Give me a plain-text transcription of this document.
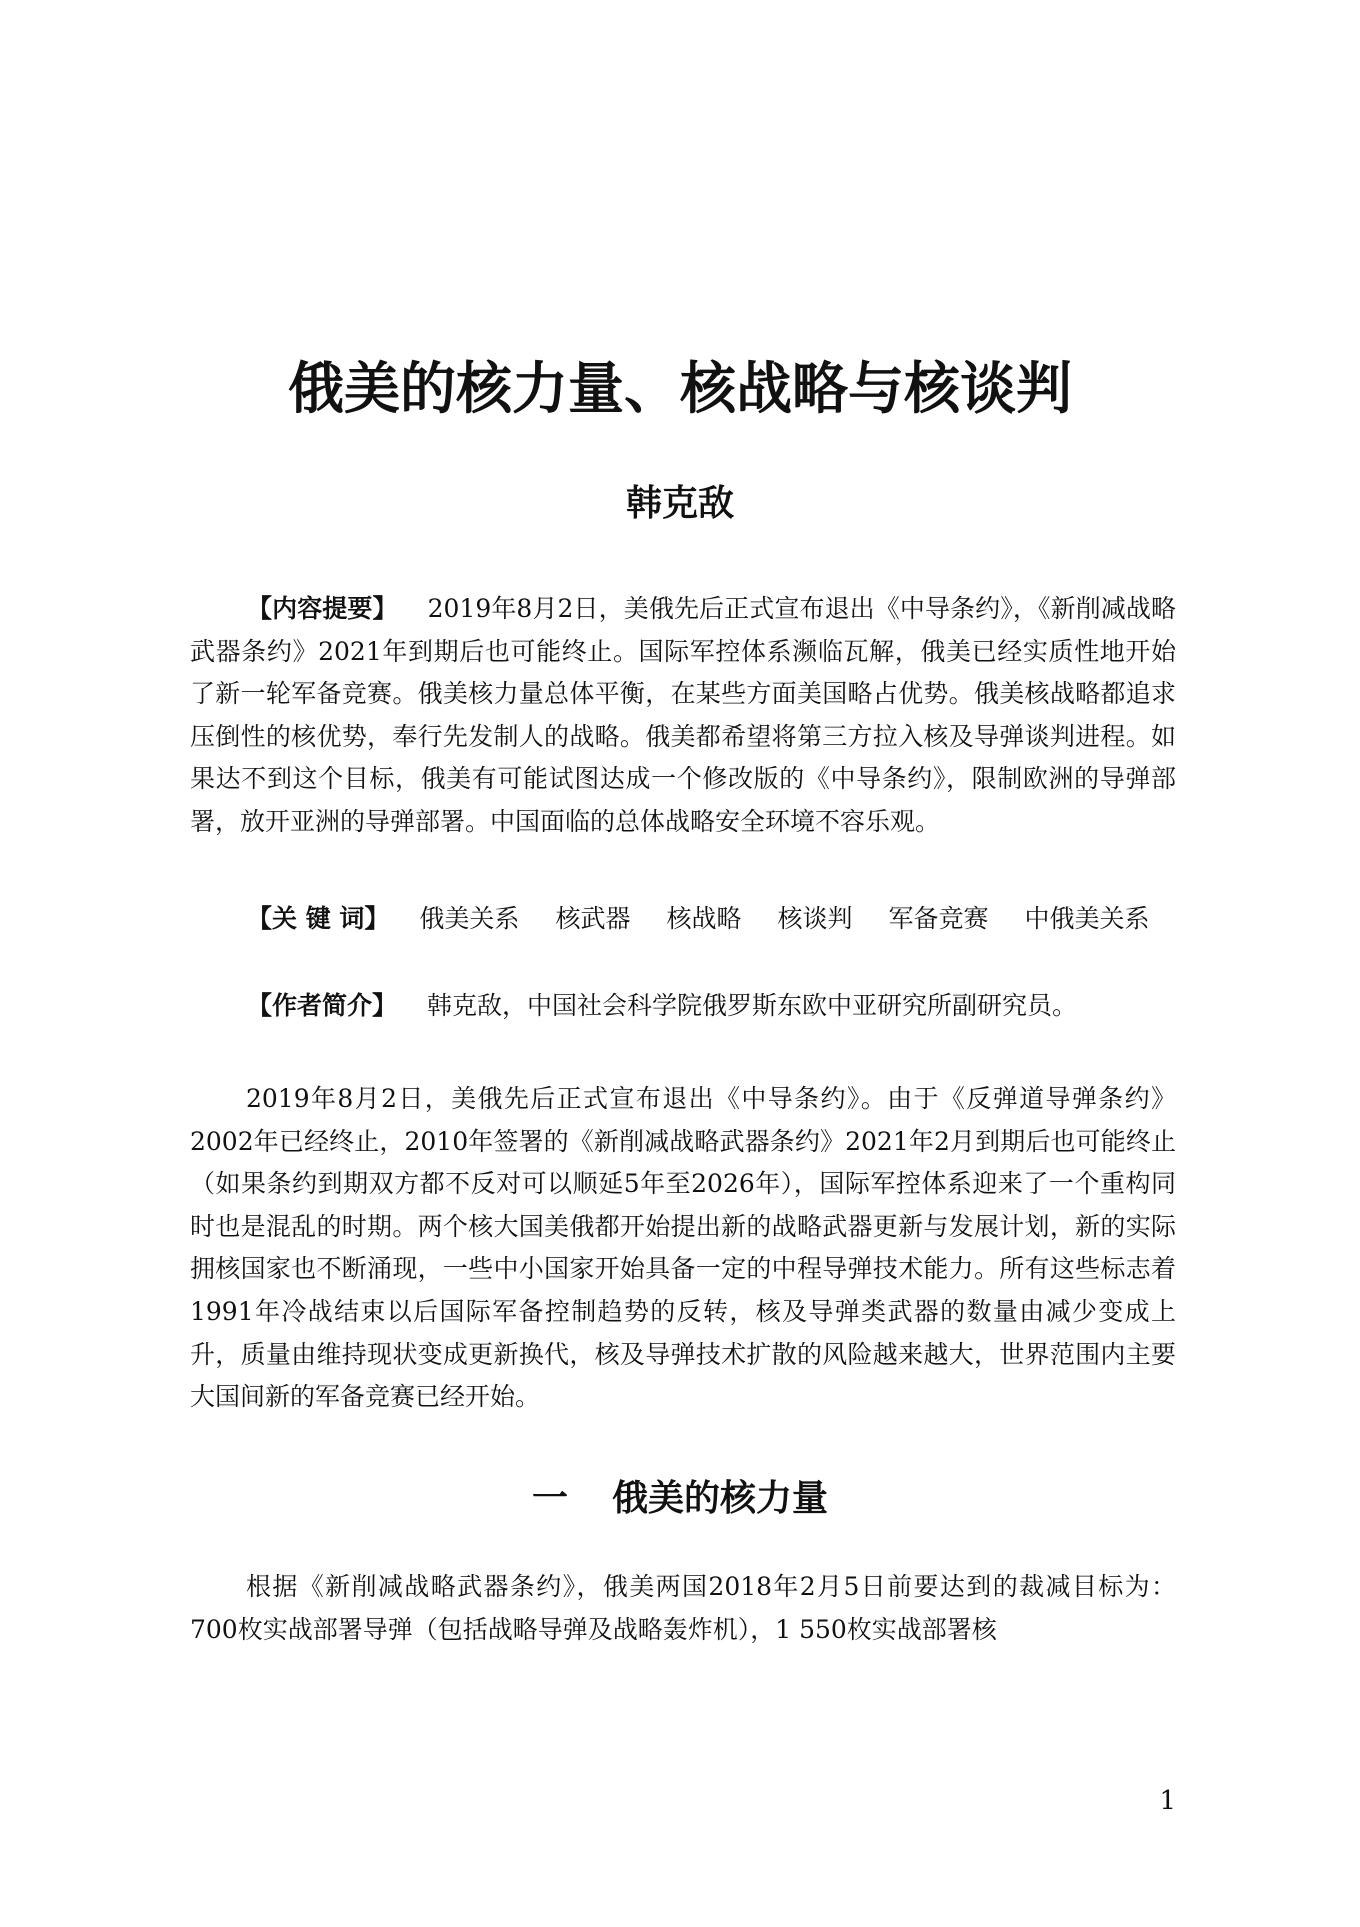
俄美的核力量、核战略与核谈判
韩克敌

【内容提要】 2019年8月2日，美俄先后正式宣布退出《中导条约》，《新削减战略武器条约》2021年到期后也可能终止。国际军控体系濒临瓦解，俄美已经实质性地开始了新一轮军备竞赛。俄美核力量总体平衡，在某些方面美国略占优势。俄美核战略都追求压倒性的核优势，奉行先发制人的战略。俄美都希望将第三方拉入核及导弹谈判进程。如果达不到这个目标，俄美有可能试图达成一个修改版的《中导条约》，限制欧洲的导弹部署，放开亚洲的导弹部署。中国面临的总体战略安全环境不容乐观。

【关 键 词】 俄美关系 核武器 核战略 核谈判 军备竞赛 中俄美关系

【作者简介】 韩克敌，中国社会科学院俄罗斯东欧中亚研究所副研究员。

2019年8月2日，美俄先后正式宣布退出《中导条约》。由于《反弹道导弹条约》2002年已经终止，2010年签署的《新削减战略武器条约》2021年2月到期后也可能终止（如果条约到期双方都不反对可以顺延5年至2026年），国际军控体系迎来了一个重构同时也是混乱的时期。两个核大国美俄都开始提出新的战略武器更新与发展计划，新的实际拥核国家也不断涌现，一些中小国家开始具备一定的中程导弹技术能力。所有这些标志着1991年冷战结束以后国际军备控制趋势的反转，核及导弹类武器的数量由减少变成上升，质量由维持现状变成更新换代，核及导弹技术扩散的风险越来越大，世界范围内主要大国间新的军备竞赛已经开始。

一 俄美的核力量

根据《新削减战略武器条约》，俄美两国2018年2月5日前要达到的裁减目标为：700枚实战部署导弹（包括战略导弹及战略轰炸机），1 550枚实战部署核

1
